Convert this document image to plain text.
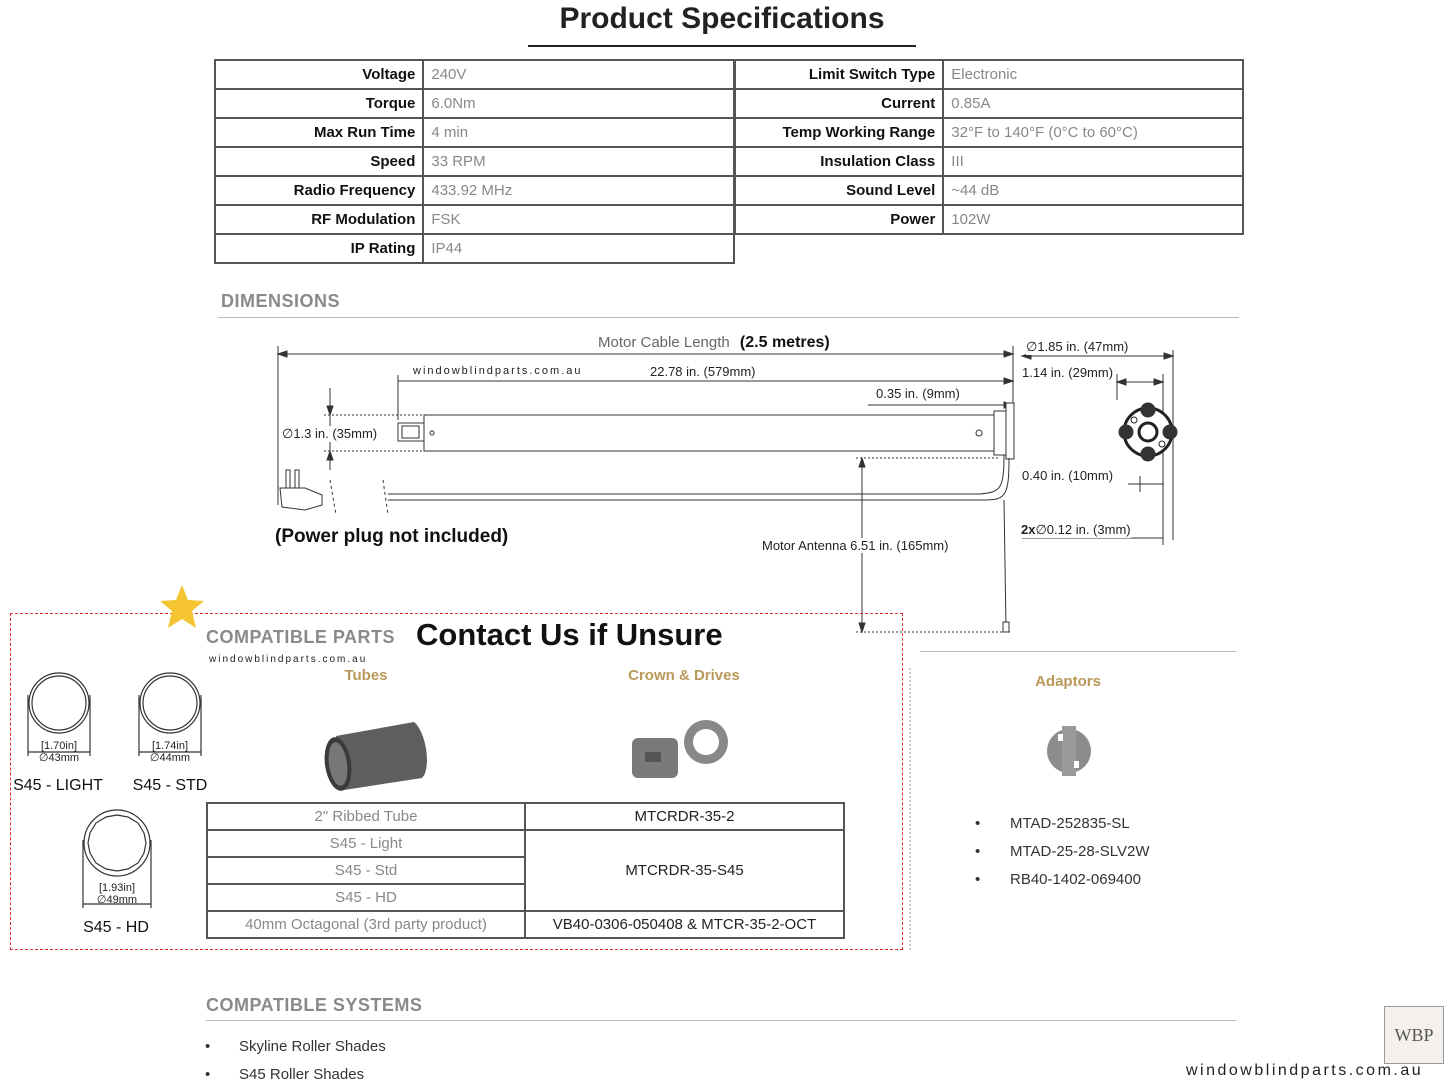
Product Specifications
Voltage	240V
Torque	6.0Nm
Max Run Time	4 min
Speed	33 RPM
Radio Frequency	433.92 MHz
RF Modulation	FSK
IP Rating	IP44
Limit Switch Type	Electronic
Current	0.85A
Temp Working Range	32°F to 140°F (0°C to 60°C)
Insulation Class	III
Sound Level	~44 dB
Power	102W
DIMENSIONS
Motor Cable Length (2.5 metres)
windowblindparts.com.au	22.78 in. (579mm)
0.35 in. (9mm)
∅1.3 in. (35mm)
∅1.85 in. (47mm)
1.14 in. (29mm)
0.40 in. (10mm)
2x∅0.12 in. (3mm)
Motor Antenna 6.51 in. (165mm)
(Power plug not included)
COMPATIBLE PARTS Contact Us if Unsure
windowblindparts.com.au
Tubes	Crown & Drives	Adaptors
[1.70in]
∅43mm
[1.74in]
∅44mm
[1.93in]
∅49mm
S45 - LIGHT	S45 - STD
S45 - HD
2" Ribbed Tube	MTCRDR-35-2
S45 - Light	MTCRDR-35-S45
S45 - Std	
S45 - HD	
40mm Octagonal (3rd party product)	VB40-0306-050408 & MTCR-35-2-OCT
• MTAD-252835-SL
• MTAD-25-28-SLV2W
• RB40-1402-069400
COMPATIBLE SYSTEMS
• Skyline Roller Shades
• S45 Roller Shades
WBP
windowblindparts.com.au
